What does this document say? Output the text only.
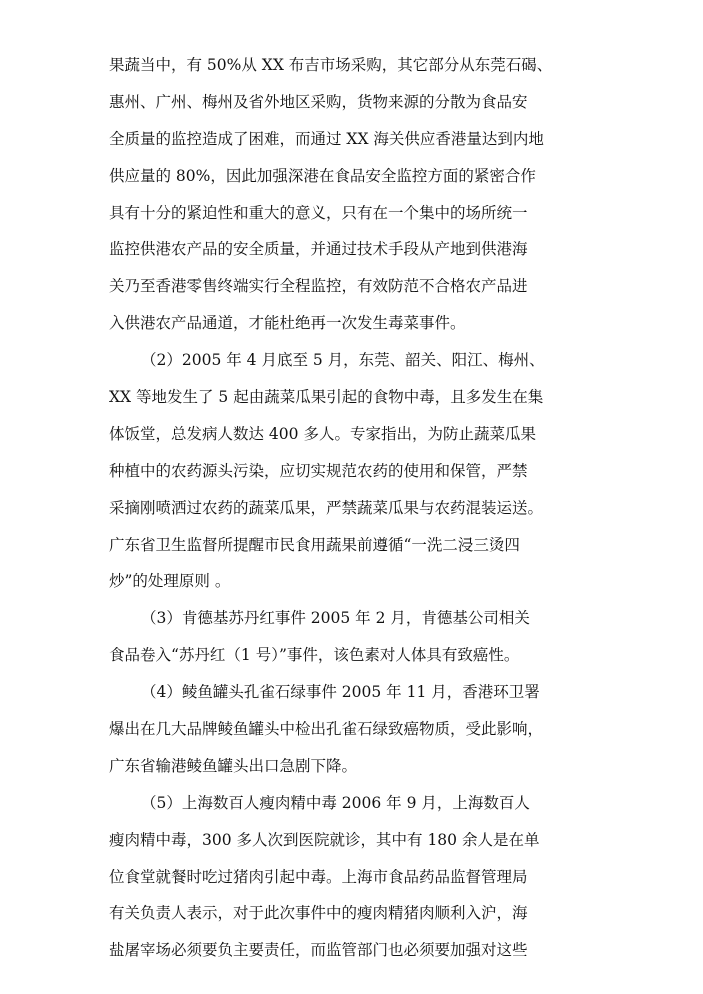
果蔬当中，有 50%从 XX 布吉市场采购，其它部分从东莞石碣、
惠州、广州、梅州及省外地区采购，货物来源的分散为食品安
全质量的监控造成了困难，而通过 XX 海关供应香港量达到内地
供应量的 80%，因此加强深港在食品安全监控方面的紧密合作
具有十分的紧迫性和重大的意义，只有在一个集中的场所统一
监控供港农产品的安全质量，并通过技术手段从产地到供港海
关乃至香港零售终端实行全程监控，有效防范不合格农产品进
入供港农产品通道，才能杜绝再一次发生毒菜事件。
（2）2005 年 4 月底至 5 月，东莞、韶关、阳江、梅州、
XX 等地发生了 5 起由蔬菜瓜果引起的食物中毒，且多发生在集
体饭堂，总发病人数达 400 多人。专家指出，为防止蔬菜瓜果
种植中的农药源头污染，应切实规范农药的使用和保管，严禁
采摘刚喷洒过农药的蔬菜瓜果，严禁蔬菜瓜果与农药混装运送。
广东省卫生监督所提醒市民食用蔬果前遵循“一洗二浸三烫四
炒”的处理原则 。
（3）肯德基苏丹红事件 2005 年 2 月，肯德基公司相关
食品卷入“苏丹红（1 号）”事件，该色素对人体具有致癌性。
（4）鲮鱼罐头孔雀石绿事件 2005 年 11 月，香港环卫署
爆出在几大品牌鲮鱼罐头中检出孔雀石绿致癌物质，受此影响，
广东省输港鲮鱼罐头出口急剧下降。
（5）上海数百人瘦肉精中毒 2006 年 9 月，上海数百人
瘦肉精中毒，300 多人次到医院就诊，其中有 180 余人是在单
位食堂就餐时吃过猪肉引起中毒。上海市食品药品监督管理局
有关负责人表示，对于此次事件中的瘦肉精猪肉顺利入沪，海
盐屠宰场必须要负主要责任，而监管部门也必须要加强对这些
